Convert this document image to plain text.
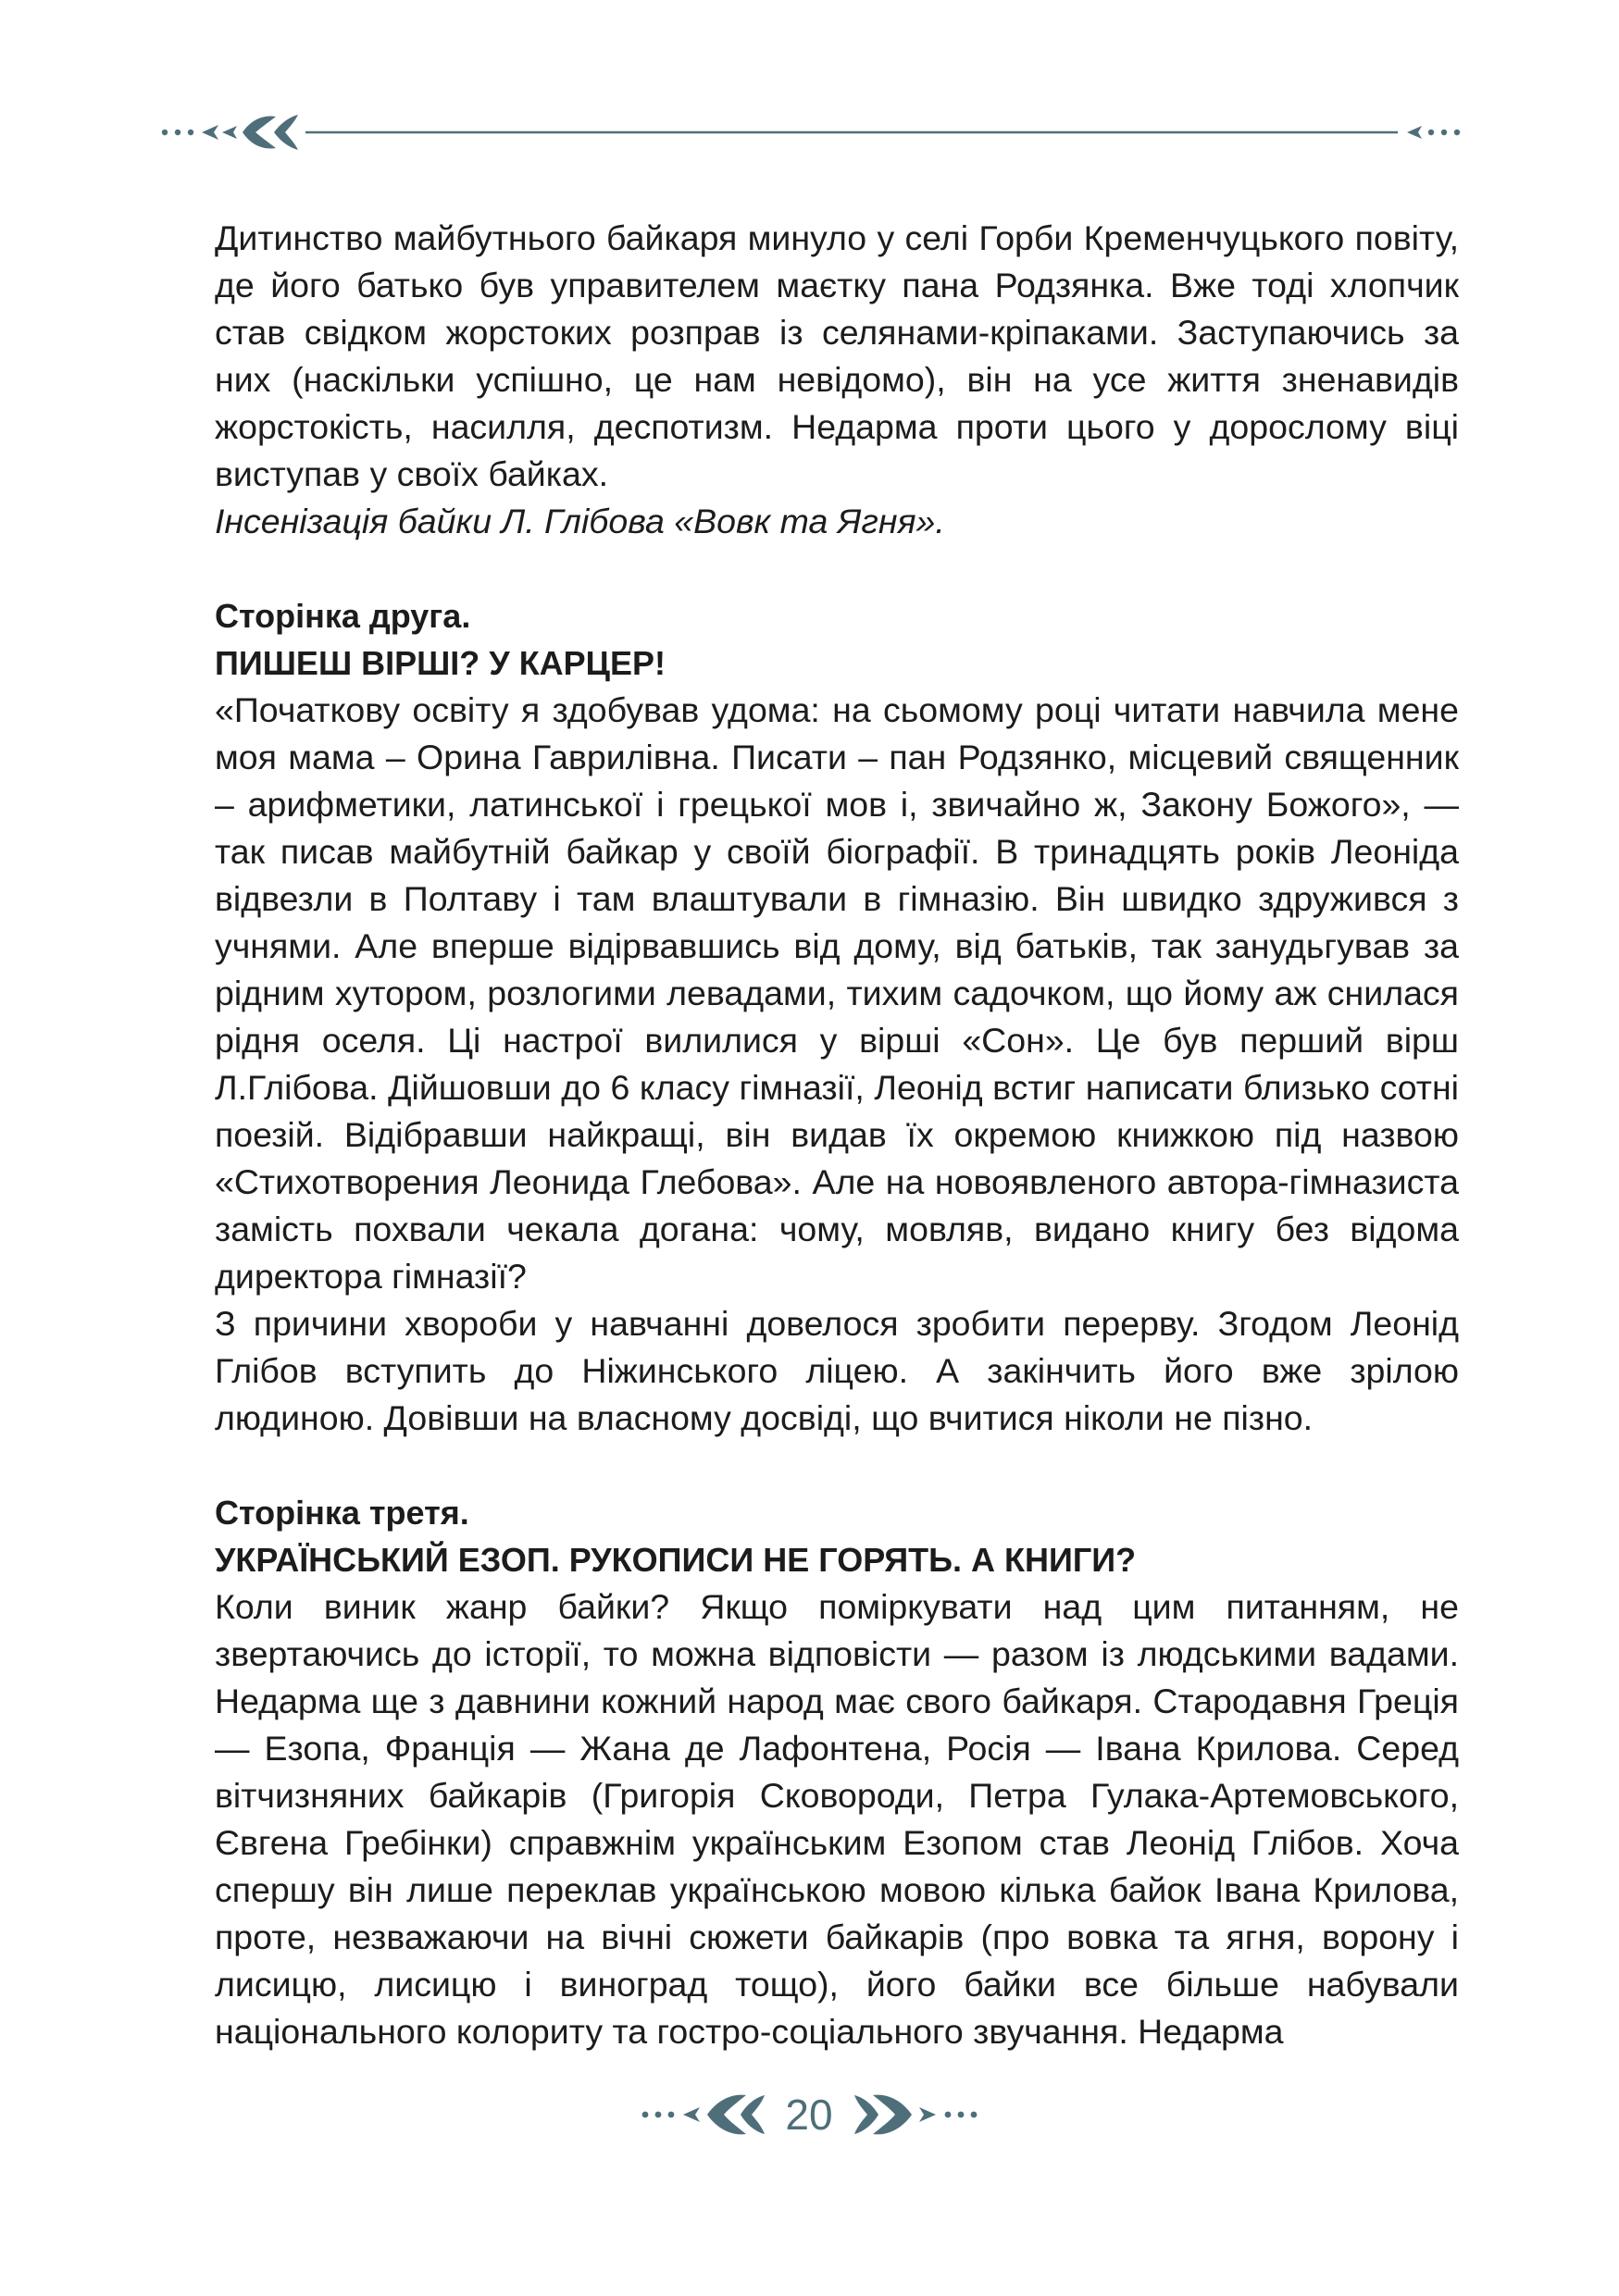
Дитинство майбутнього байкаря минуло у селі Горби Кременчуцького повіту, де його батько був управителем маєтку пана Родзянка. Вже тоді хлопчик став свідком жорстоких розправ із селянами-кріпаками. Заступаючись за них (наскільки успішно, це нам невідомо), він на усе життя зненавидів жорстокість, насилля, деспотизм. Недарма проти цього у дорослому віці виступав у своїх байках.

Інсенізація байки Л. Глібова «Вовк та Ягня».

Сторінка друга.
ПИШЕШ ВІРШІ? У КАРЦЕР!

«Початкову освіту я здобував удома: на сьомому році читати навчила мене моя мама – Орина Гаврилівна. Писати – пан Родзянко, місцевий священник – арифметики, латинської і грецької мов і, звичайно ж, Закону Божого», — так писав майбутній байкар у своїй біографії. В тринадцять років Леоніда відвезли в Полтаву і там влаштували в гімназію. Він швидко здружився з учнями. Але вперше відірвавшись від дому, від батьків, так занудьгував за рідним хутором, розлогими левадами, тихим садочком, що йому аж снилася рідня оселя. Ці настрої вилилися у вірші «Сон». Це був перший вірш Л.Глібова. Дійшовши до 6 класу гімназії, Леонід встиг написати близько сотні поезій. Відібравши найкращі, він видав їх окремою книжкою під назвою «Стихотворения Леонида Глебова». Але на новоявленого автора-гімназиста замість похвали чекала догана: чому, мовляв, видано книгу без відома директора гімназії?

З причини хвороби у навчанні довелося зробити перерву. Згодом Леонід Глібов вступить до Ніжинського ліцею. А закінчить його вже зрілою людиною. Довівши на власному досвіді, що вчитися ніколи не пізно.

Сторінка третя.
УКРАЇНСЬКИЙ ЕЗОП. РУКОПИСИ НЕ ГОРЯТЬ. А КНИГИ?

Коли виник жанр байки? Якщо поміркувати над цим питанням, не звертаючись до історії, то можна відповісти — разом із людськими вадами. Недарма ще з давнини кожний народ має свого байкаря. Стародавня Греція — Езопа, Франція — Жана де Лафонтена, Росія — Івана Крилова. Серед вітчизняних байкарів (Григорія Сковороди, Петра Гулака-Артемовського, Євгена Гребінки) справжнім українським Езопом став Леонід Глібов. Хоча спершу він лише переклав українською мовою кілька байок Івана Крилова, проте, незважаючи на вічні сюжети байкарів (про вовка та ягня, ворону і лисицю, лисицю і виноград тощо), його байки все більше набували національного колориту та гостро-соціального звучання. Недарма

20
